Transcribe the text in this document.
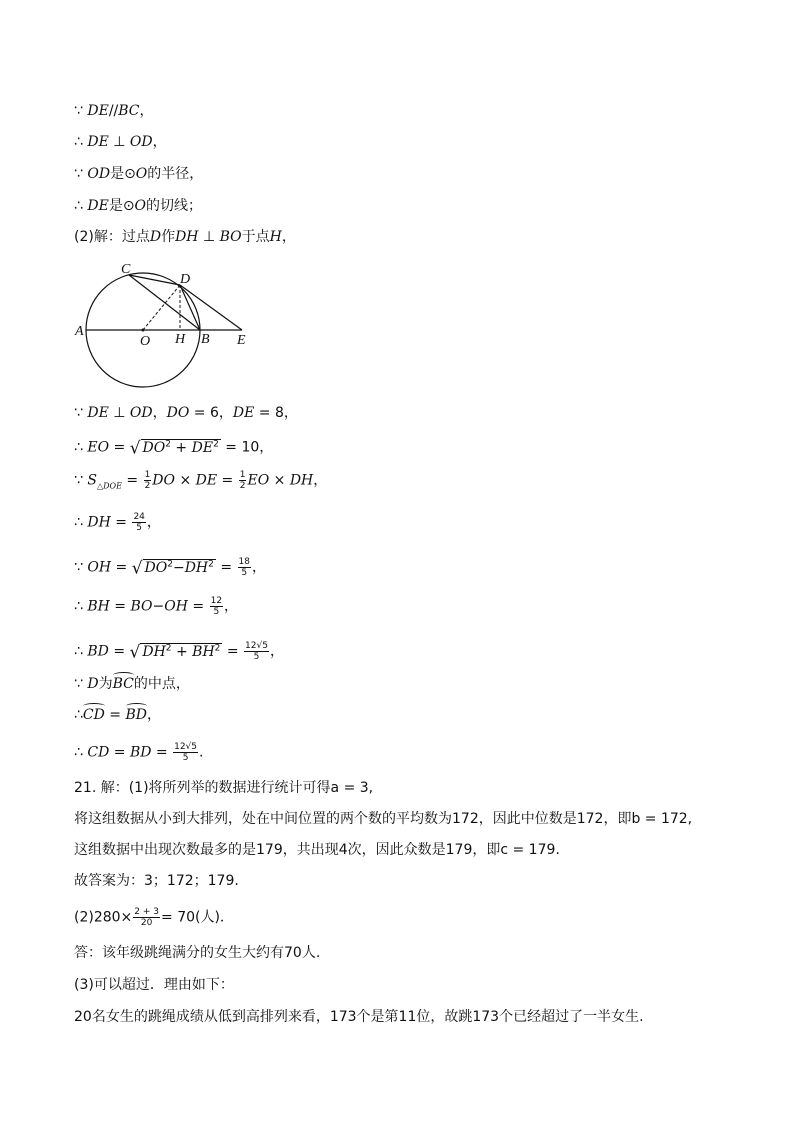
∵ DE//BC，
∴ DE ⊥ OD，
∵ OD是⊙O的半径，
∴ DE是⊙O的切线；
(2)解：过点D作DH ⊥ BO于点H，
C
D
A
O H B E
∵ DE ⊥ OD，DO = 6，DE = 8，
∴ EO = √ $DO^2 + DE^2 = 10$，
∵ $S_{\triangle DOE} = \frac{1}{2}$ DO × DE = $\frac{1}{2}$ EO × DH，
∴ DH = $\frac{24}{5}$ ，
∵ OH = √ $DO^2-DH^2 = \frac{18}{5}$ ，
∴ BH = $BO-OH = \frac{12}{5}$ ，
∴ BD = √ $DH^2 + BH^2 = \frac{12√5}{5}$ ，
∵ D为BC的中点，
∴CD = BD，
∴ CD = BD = $\frac{12√5}{5}$ .
21. 解：(1)将所列举的数据进行统计可得a = 3,
将这组数据从小到大排列，处在中间位置的两个数的平均数为172，因此中位数是172，即b = 172,
这组数据中出现次数最多的是179，共出现4次，因此众数是179，即c = 179.
故答案为：3；172；179.
$(2)280\times \frac{2 + 3}{20} = 70$(人)．
答：该年级跳绳满分的女生大约有70人.
(3)可以超过．理由如下：
20名女生的跳绳成绩从低到高排列来看，173个是第11位，故跳173个已经超过了一半女生.
